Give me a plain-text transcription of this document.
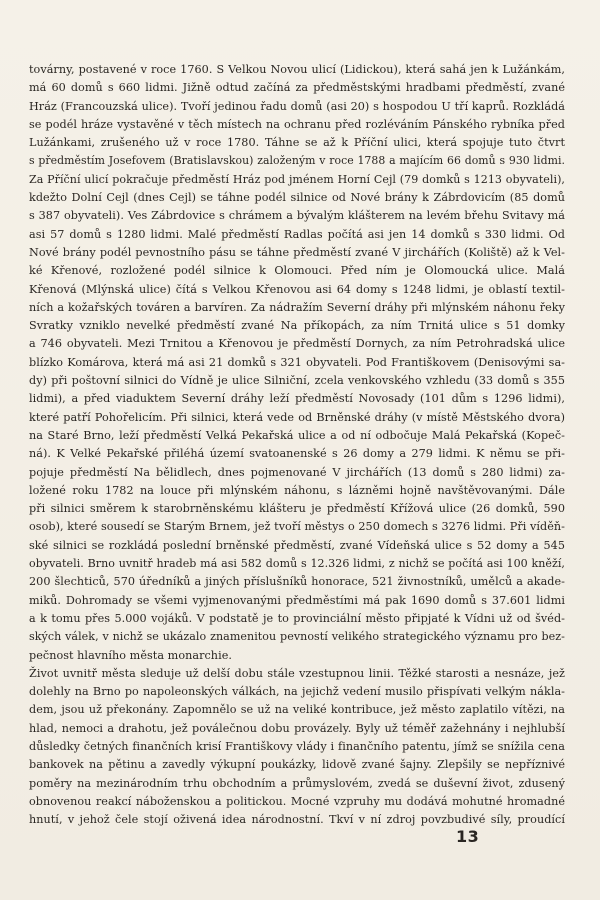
továrny, postavené v roce 1760. S Velkou Novou ulicí (Lidickou), která sahá jen k Lužánkám,
má 60 domů s 660 lidmi. Jižně odtud začíná za předměstskými hradbami předměstí, zvané
Hráz (Francouzská ulice). Tvoří jedinou řadu domů (asi 20) s hospodou U tří kaprů. Rozkládá
se podél hráze vystavěné v těch místech na ochranu před rozléváním Pánského rybníka před
Lužánkami, zrušeného už v roce 1780. Táhne se až k Příční ulici, která spojuje tuto čtvrt
s předměstím Josefovem (Bratislavskou) založeným v roce 1788 a majícím 66 domů s 930 lidmi.
Za Příční ulicí pokračuje předměstí Hráz pod jménem Horní Cejl (79 domků s 1213 obyvateli),
kdežto Dolní Cejl (dnes Cejl) se táhne podél silnice od Nové brány k Zábrdovicím (85 domů
s 387 obyvateli). Ves Zábrdovice s chrámem a bývalým klášterem na levém břehu Svitavy má
asi 57 domů s 1280 lidmi. Malé předměstí Radlas počítá asi jen 14 domků s 330 lidmi. Od
Nové brány podél pevnostního pásu se táhne předměstí zvané V jirchářích (Koliště) až k Vel-
ké Křenové, rozložené podél silnice k Olomouci. Před ním je Olomoucká ulice. Malá
Křenová (Mlýnská ulice) čítá s Velkou Křenovou asi 64 domy s 1248 lidmi, je oblastí textil-
ních a kožařských továren a barvíren. Za nádražím Severní dráhy při mlýnském náhonu řeky
Svratky vzniklo nevelké předměstí zvané Na příkopách, za ním Trnitá ulice s 51 domky
a 746 obyvateli. Mezi Trnitou a Křenovou je předměstí Dornych, za ním Petrohradská ulice
blízko Komárova, která má asi 21 domků s 321 obyvateli. Pod Františkovem (Denisovými sa-
dy) při poštovní silnici do Vídně je ulice Silniční, zcela venkovského vzhledu (33 domů s 355
lidmi), a před viaduktem Severní dráhy leží předměstí Novosady (101 dům s 1296 lidmi),
které patří Pohořelicím. Při silnici, která vede od Brněnské dráhy (v místě Městského dvora)
na Staré Brno, leží předměstí Velká Pekařská ulice a od ní odbočuje Malá Pekařská (Kopeč-
ná). K Velké Pekařské přiléhá území svatoanenské s 26 domy a 279 lidmi. K němu se při-
pojuje předměstí Na bělidlech, dnes pojmenované V jirchářích (13 domů s 280 lidmi) za-
ložené roku 1782 na louce při mlýnském náhonu, s lázněmi hojně navštěvovanými. Dále
při silnici směrem k starobrněnskému klášteru je předměstí Křížová ulice (26 domků, 590
osob), které sousedí se Starým Brnem, jež tvoří městys o 250 domech s 3276 lidmi. Při víděň-
ské silnici se rozkládá poslední brněnské předměstí, zvané Vídeňská ulice s 52 domy a 545
obyvateli. Brno uvnitř hradeb má asi 582 domů s 12.326 lidmi, z nichž se počítá asi 100 kněží,
200 šlechticů, 570 úředníků a jiných příslušníků honorace, 521 živnostníků, umělců a akade-
miků. Dohromady se všemi vyjmenovanými předměstími má pak 1690 domů s 37.601 lidmi
a k tomu přes 5.000 vojáků. V podstatě je to provinciální město připjaté k Vídni už od švéd-
ských válek, v nichž se ukázalo znamenitou pevností velikého strategického významu pro bez-
pečnost hlavního města monarchie.
Život uvnitř města sleduje už delší dobu stále vzestupnou linii. Těžké starosti a nesnáze, jež
dolehly na Brno po napoleonských válkách, na jejichž vedení musilo přispívati velkým nákla-
dem, jsou už překonány. Zapomnělo se už na veliké kontribuce, jež město zaplatilo vítězi, na
hlad, nemoci a drahotu, jež poválečnou dobu provázely. Byly už téměř zažehnány i nejhlubší
důsledky četných finančních krisí Františkovy vlády i finančního patentu, jímž se snížila cena
bankovek na pětinu a zavedly výkupní poukázky, lidově zvané šajny. Zlepšily se nepříznivé
poměry na mezinárodním trhu obchodním a průmyslovém, zvedá se duševní život, zdusený
obnovenou reakcí náboženskou a politickou. Mocné vzpruhy mu dodává mohutné hromadné
hnutí, v jehož čele stojí oživená idea národnostní. Tkví v ní zdroj povzbudivé síly, proudící
13
